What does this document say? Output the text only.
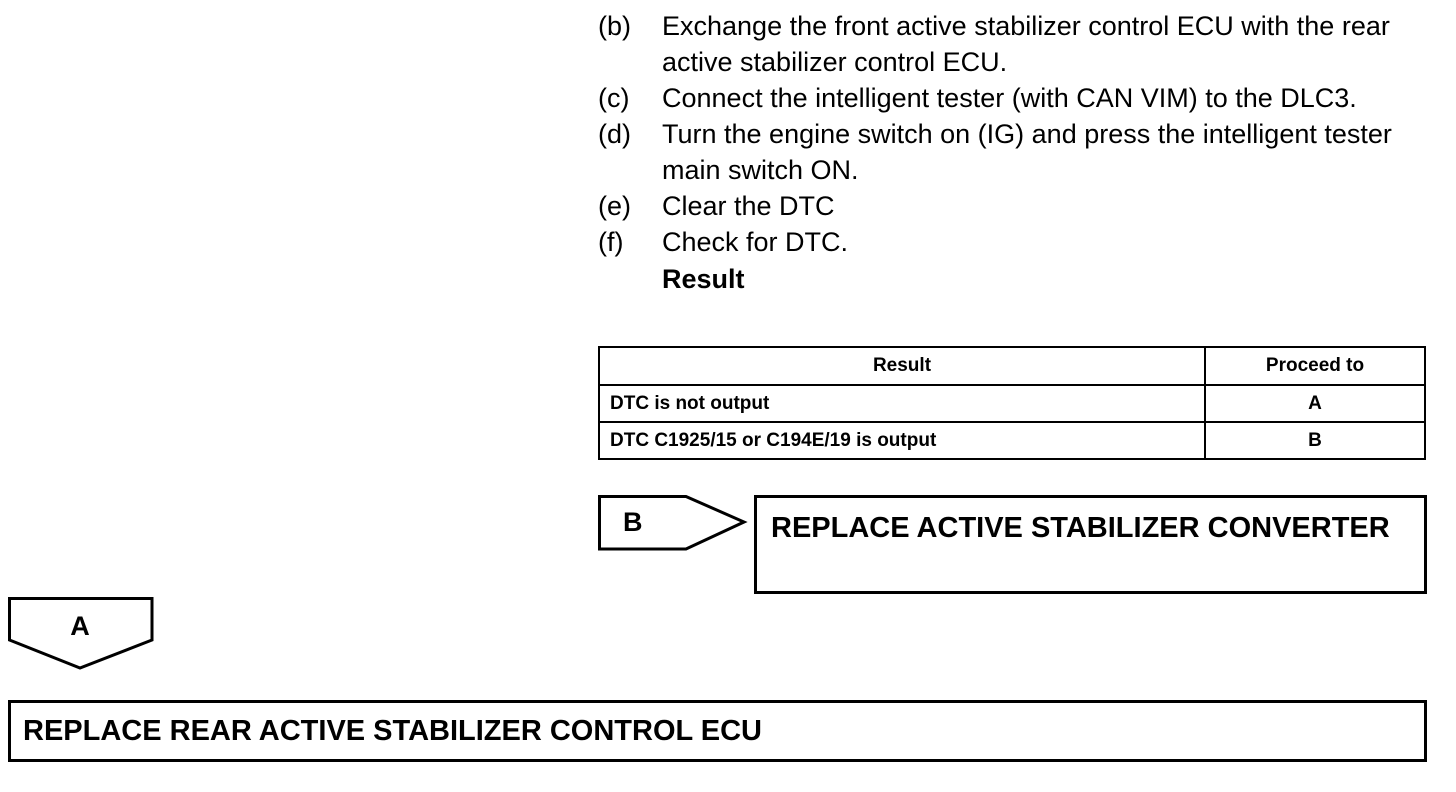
(b)	Exchange the front active stabilizer control ECU with the rear active stabilizer control ECU.
(c)	Connect the intelligent tester (with CAN VIM) to the DLC3.
(d)	Turn the engine switch on (IG) and press the intelligent tester main switch ON.
(e)	Clear the DTC
(f)	Check for DTC.
Result
Result	Proceed to
DTC is not output	A
DTC C1925/15 or C194E/19 is output	B
B	REPLACE ACTIVE STABILIZER CONVERTER
A
REPLACE REAR ACTIVE STABILIZER CONTROL ECU
